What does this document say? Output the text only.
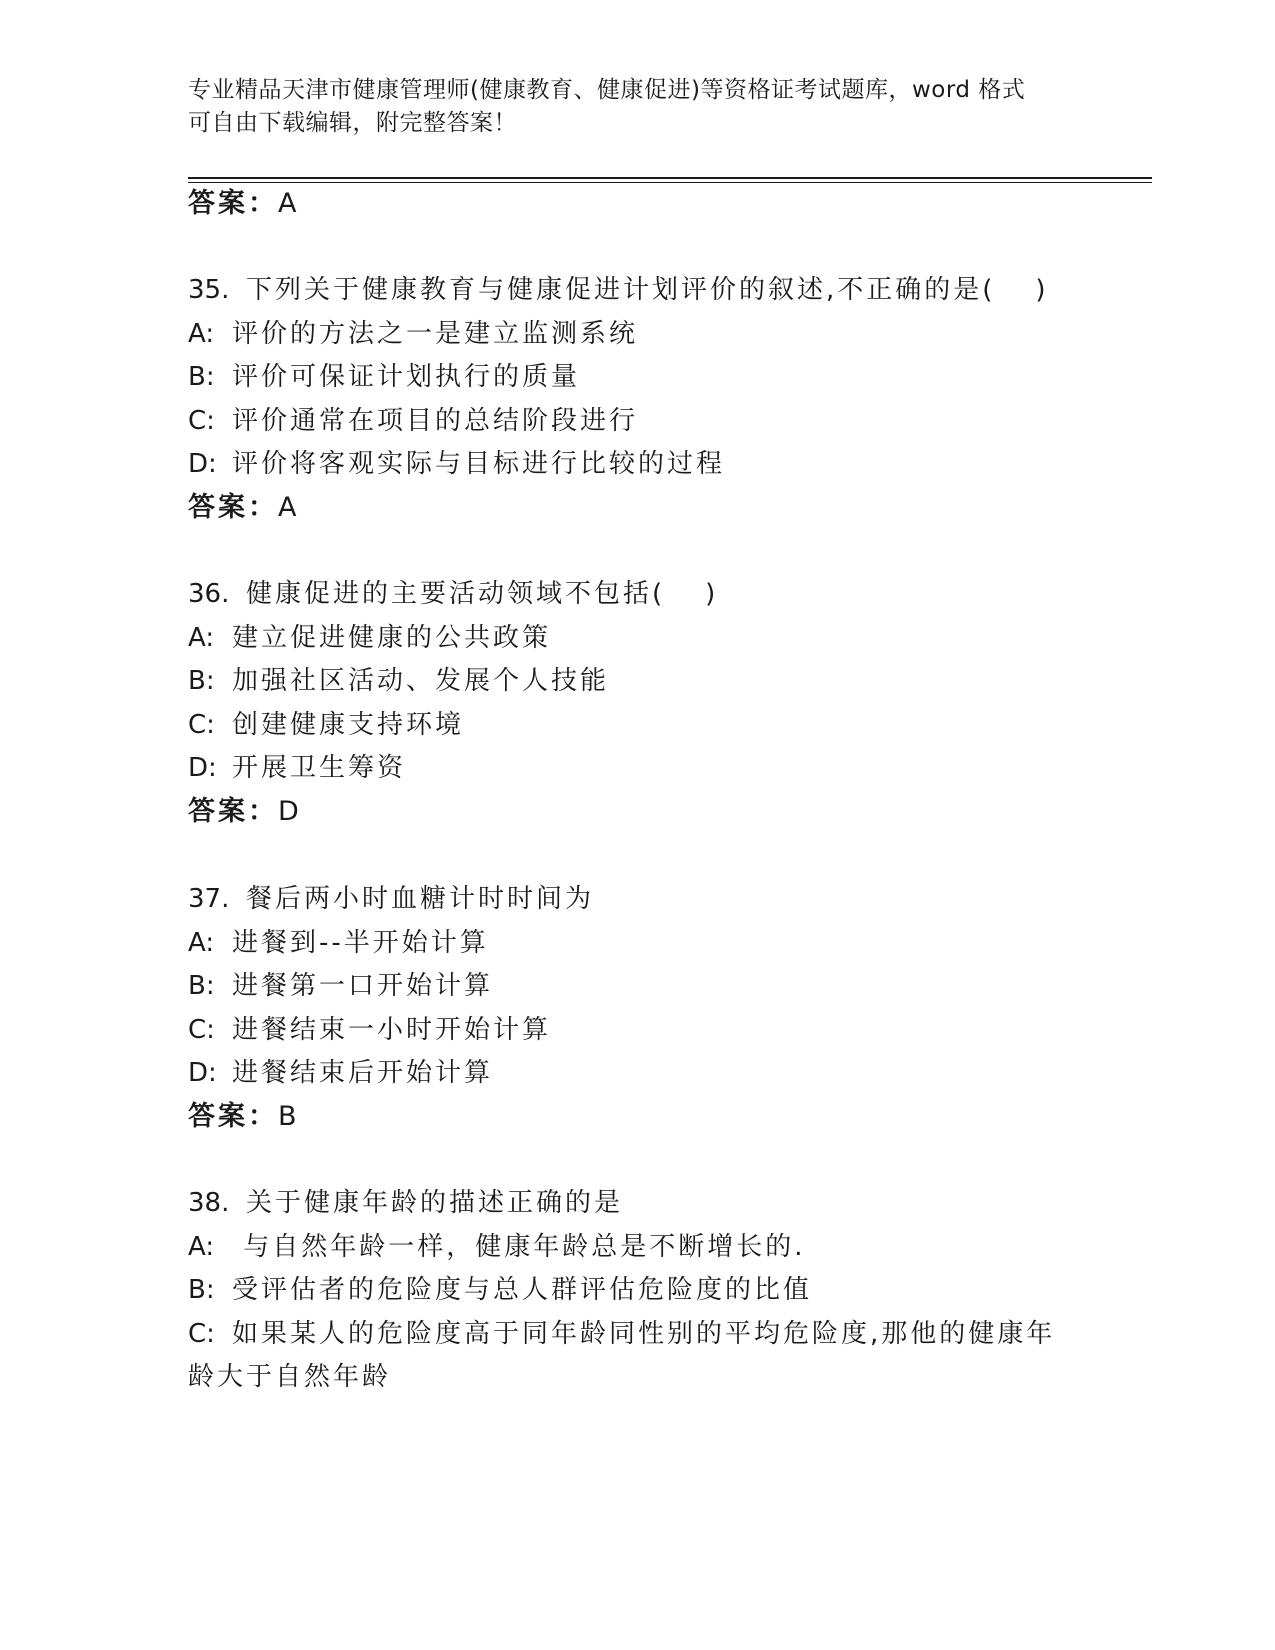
专业精品天津市健康管理师(健康教育、健康促进)等资格证考试题库，word 格式
可自由下载编辑，附完整答案！
答案：A
35. 下列关于健康教育与健康促进计划评价的叙述,不正确的是( )
A: 评价的方法之一是建立监测系统
B: 评价可保证计划执行的质量
C: 评价通常在项目的总结阶段进行
D: 评价将客观实际与目标进行比较的过程
答案：A
36. 健康促进的主要活动领域不包括( )
A: 建立促进健康的公共政策
B: 加强社区活动、发展个人技能
C: 创建健康支持环境
D: 开展卫生筹资
答案：D
37. 餐后两小时血糖计时时间为
A: 进餐到--半开始计算
B: 进餐第一口开始计算
C: 进餐结束一小时开始计算
D: 进餐结束后开始计算
答案：B
38. 关于健康年龄的描述正确的是
A: 与自然年龄一样，健康年龄总是不断增长的.
B: 受评估者的危险度与总人群评估危险度的比值
C: 如果某人的危险度高于同年龄同性别的平均危险度,那他的健康年
龄大于自然年龄
